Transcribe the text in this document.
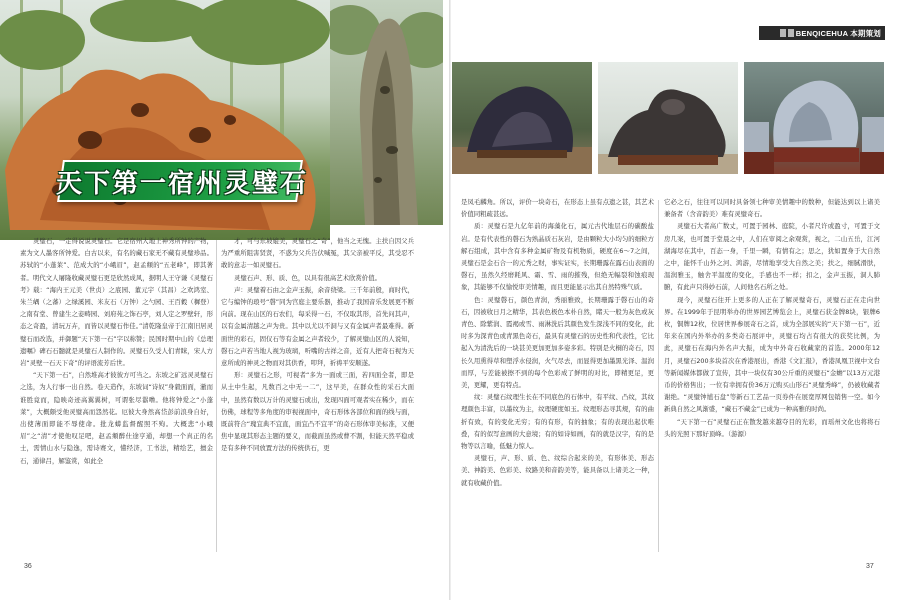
BENQICEHUA 本期策划
天下第一 宿州灵璧石

灵璧石，一定得说说灵璧石。它是宿州大地上神秀所钟的产物，素为文人墨客所钟爱。白古以来，有名的藏石家无不藏有灵璧珍品。苏轼的“小蓬莱”、范成大的“小峨眉”，赵孟頫的“五老峰”，即其著者。明代文人屠隆收藏灵璧石更是欣然成风，据明人王守谦《灵璧石考》载：“海内王元美（世贞）之底园、董元宇（其昌）之欢鸿室、朱兰嵎（之蕃）之绿溪园、米友石（万钟）之勺园、王百穀（穉登）之南有堂、曾建生之妾畴园、刘府苑之饰石亭，刘人定之罗壁轩，形态之奇盈，清玩万卉，而皆以灵璧石作佳。”清乾隆皇帝于江南旧居灵璧石而改选，并御题“天下第一石”字以称赞；民国时期中山的《总理遗嘱》碑石石髓就是灵璧石人制作的。灵璧石久受人们青睐，宋人方岩“灵壁一石天下奇”的评语流芳后世。

“天下第一石”，自然堆高才彼彼方可当之。东坡之矿远灵灵璧石之选，为人行事一出自然。卷天造作，东坡词“诗奴”身毅面面，澈而谁胜竟而，隐映奇迹高翼翼树，可谓张尽嚣噜。他将钟爱之“小蓬莱”，大概颇受他灵璧高而怨然花。厄彼大身然高岱彭前浪身自好，出使薄面即能不辱使命。批龙蟒监督醒照不殉。大概悲“小峨眉”之“清”才使他叹足吧，赵孟頫醉仕途亨通，却想一个真正的名士，需情山水与隐逸，需诗赛文，懂经济，工书法，精绘艺，擅金石，通律吕，解鉴赏，如此全

才，可与东坡媲美，灵璧石之“奇”，他当之无愧。主扶自因父兵为严重所阻害贤贤，不惑为父兵告伏喊冤，其父亲被平反，其受忍不敢的意志一如灵璧石。

灵璧石声、形、质、色，以具有很高艺术欣赏价值。

声：灵璧着石由之金声玉振，余音绕梁。三千年前殷，商时代，它与编钟的琅号“磬”同为宫庭主要乐器，推动了我国音乐发展更不断向前。现在山区的石农们，每采得一石，不仅取其形，首先问其声，以有金属清越之声为贵。其中以尤以不洞与又有金属声者最难得。新面世的彩石，固仅石等有金属之声者较少，了解灵璧山区的人说知，磬石之声若当地人视为玻璃，听嘴的古祥之音，近有人把奇石视为天意所成的神灵之物而对其供香，叩拜，祈祷平安顺遂。

形：灵璧石之形，可视者“多为一面或三面，若四面全者，即是从土中生起，凡数百之中无一二”，这早美，在群众性的采石大面中，虽然有数以万计的灵璧石或出，发现四面可观者实在稀少，而在仿佛，球程等多角度的审视视面中，奇石形体各部位和面的线与面，既前符合“瑰宜典不宜直，面宜凸不宜平”的奇石形体审美标准，又便焦中显现其形态主题的要义，而截面虽然或曹不割，但能天然平稳或是有多种不同放置方法的传统供石，更

是凤毛麟角。所以，评价一块奇石，在形态上虽有点遗之甚，其艺术价值同粗疏甚远。

质：灵璧石是九亿年前的海藻化石，属元古代地层石的碳酸盐岩。是有代表性的磬石为熟晶质石灰岩，是由颗粒大小均匀的细粒方解石组成，其中含有多种金属矿物及有机物质，硬度在6～7之间，灵璧石是金石合一的元秀之财，事实证实，长期珊露在露石山表面的磬石，虽然久经磨耗风、霜、雪、雨的摧残，但绝无幅裂和蚀痕现象，其能够不仅愉悦审美情趣，而且更能显示出其自然特殊气质。

色：灵璧磬石，颜色青润，秀丽雅致，长期珊露于磬石山的奇石，因被收日月之精华，其表色极色本朴自然，睹天一般为灰色或灰青色、除紫润、霞褐或雪、雨淋洗后其颜色发生深浅不同的变化，此时多为深青色或青黑色奇石，最具有灵璧石的历史性和代表性，它比起入为清洗后的一块甚美更加更加多姿多彩。特别是火桐的奇石，因长久用熏得草和塑浮水侵润，火气尽去，而显得更加墨黑光泽、温润而厚，与差能被擦不到的每个色彩成了鲜明的对比，即精更足，更美，更耀，更有特点。

纹：灵璧石纹理生长在不同底色的石体中，有平纹、凸纹，其纹理颜色丰富，以墨纹为主，纹理硬度如玉。纹理形态寻其规，有的曲折有致，有的变化无穷；有的有形，有的抽象；有的表现出起伏唯叠，有的似写意画的大意境；有的如诗如画，有的就是汉字，有的是物等以言喻，低魅力惊人。

灵璧石，声、形、质、色、纹综合起来的美，有形体美、形态美、神韵美、色彩美、纹路美和音韵美等，能具备以上诸美之一种，就有收藏价值。

它必之石，往往可以同时具备领七种审美情趣中的数种，但能达到以上诸美兼备者（含音韵美）难有灵璧奇石。

灵璧石大者高广数丈，可置于园林、庭院，小者尺许或盈寸，可置于文房几案，也可置于堂晨之中，人们在审阅之余观赏，视之，二山五岳，江河湖海尽在其中，百态一身，千里一瞬，有情有之；思之，犹如置身于大自然之中，能怀千山外之河、鸿游，尽情地享受大自然之美；扶之，细腻滑肤，温润雅玉，触舍平温度的变化，手感也不一样；扣之，金声玉振，洞人肺腑，有此声只得妙石前，人间他名石所之处。

现今，灵璧石往开上更多的人正在了解灵璧奇石，灵璧石正在走向世界。在1999年于昆明举办的世界园艺博览会上，灵璧石获金牌8块，银牌6枚，铜牌12枚，位居世界参展奇石之首，成为全部展实的“天下第一石”，近年来在国内外举办的多类奇石展评中，灵璧石均占有很大的获奖比例，为此，灵璧石在海内外名声大振，成为中外奇石收藏家的首选。2000年12月，灵璧石200多块首次在香港展出，香港《文汇报》，香港凤凰卫视中文台等新闻媒体都做了宣传，其中一块仅有30公斤重的灵璧石“金蟾”以13万元港币的价格售出；一位有幸拥有价36万元购买山形石“灵璧秀峰”，仍被收藏者谢绝。“灵璧钟馗石盘”等新石工艺品一页券件在展宽厚网包销售一空。如今新典自然之风渐盛，“藏石不藏金”已成为一种高雅的时尚。

“天下第一石”灵璧石正在散发越来越夺目的光彩，而瑶州文化也将将石头的光照下那好顶峰。（游源）

36	37
